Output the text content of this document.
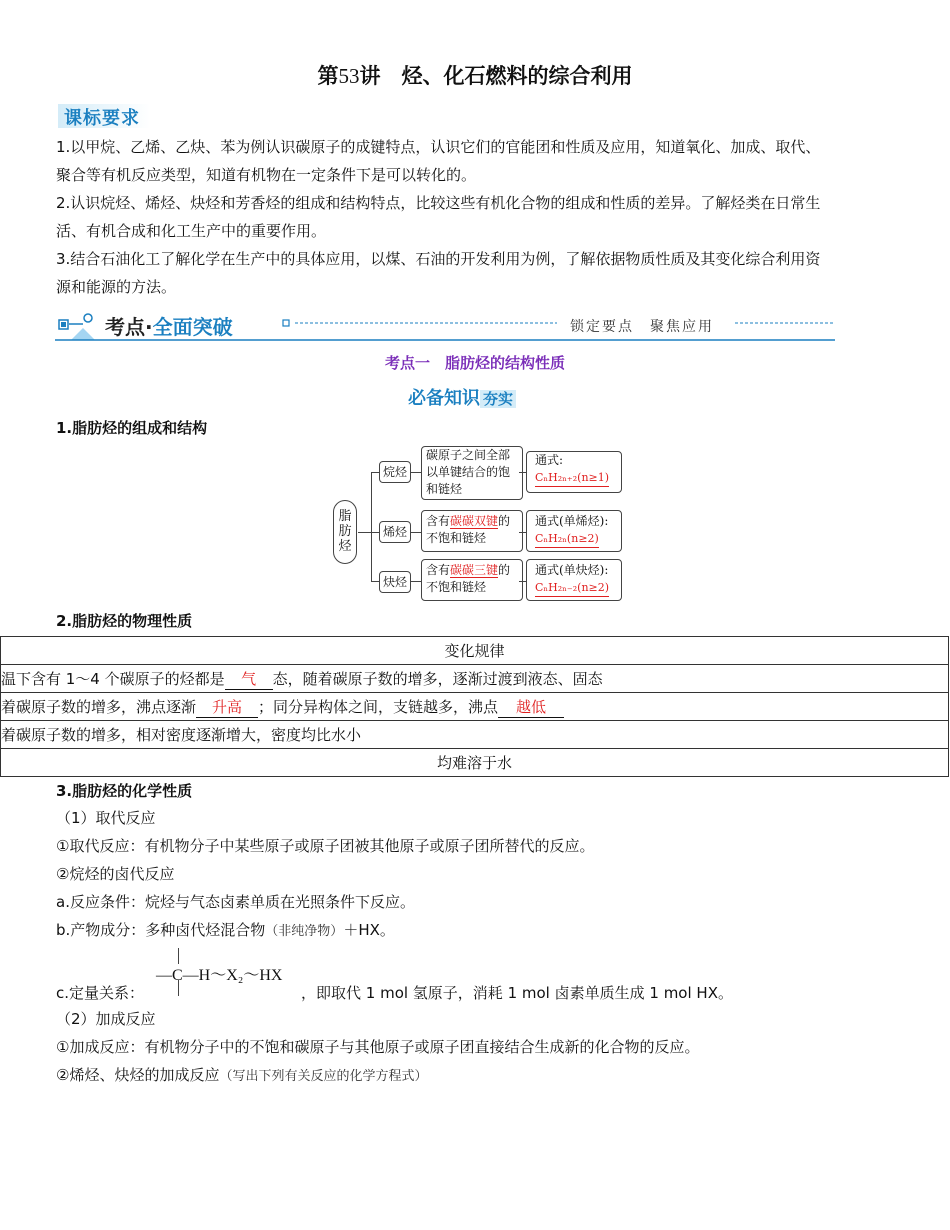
第53讲　烃、化石燃料的综合利用
课标要求
1.以甲烷、乙烯、乙炔、苯为例认识碳原子的成键特点，认识它们的官能团和性质及应用，知道氧化、加成、取代、
聚合等有机反应类型，知道有机物在一定条件下是可以转化的。
2.认识烷烃、烯烃、炔烃和芳香烃的组成和结构特点，比较这些有机化合物的组成和性质的差异。了解烃类在日常生
活、有机合成和化工生产中的重要作用。
3.结合石油化工了解化学在生产中的具体应用，以煤、石油的开发利用为例，了解依据物质性质及其变化综合利用资
源和能源的方法。
考点·全面突破	锁定要点　聚焦应用
考点一　脂肪烃的结构性质
必备知识 夯实
1.脂肪烃的组成和结构
脂肪烃
烷烃
碳原子之间全部
以单键结合的饱
和链烃
通式:
CₙH₂ₙ₊₂(n≥1)
烯烃
含有碳碳双键的
不饱和链烃
通式(单烯烃):
CₙH₂ₙ(n≥2)
炔烃
含有碳碳三键的
不饱和链烃
通式(单炔烃):
CₙH₂ₙ₋₂(n≥2)
2.脂肪烃的物理性质
变化规律
温下含有 1～4 个碳原子的烃都是 气 态，随着碳原子数的增多，逐渐过渡到液态、固态
着碳原子数的增多，沸点逐渐 升高 ；同分异构体之间，支链越多，沸点 越低
着碳原子数的增多，相对密度逐渐增大，密度均比水小
均难溶于水
3.脂肪烃的化学性质
（1）取代反应
①取代反应：有机物分子中某些原子或原子团被其他原子或原子团所替代的反应。
②烷烃的卤代反应
a.反应条件：烷烃与气态卤素单质在光照条件下反应。
b.产物成分：多种卤代烃混合物（非纯净物）＋HX。
—C—H～X₂～HX
c.定量关系：	，即取代 1 mol 氢原子，消耗 1 mol 卤素单质生成 1 mol HX。
（2）加成反应
①加成反应：有机物分子中的不饱和碳原子与其他原子或原子团直接结合生成新的化合物的反应。
②烯烃、炔烃的加成反应（写出下列有关反应的化学方程式）
